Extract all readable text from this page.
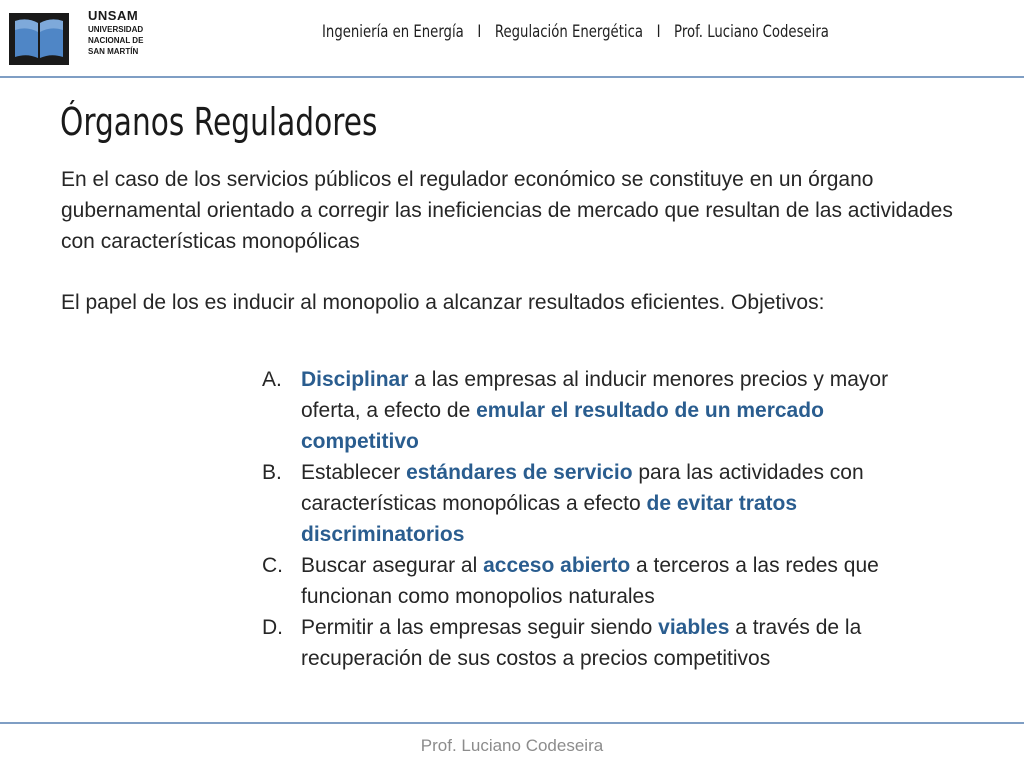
UNSAM
UNIVERSIDAD
NACIONAL DE
SAN MARTÍN
Ingeniería en Energía I Regulación Energética I Prof. Luciano Codeseira
Órganos Reguladores
En el caso de los servicios públicos el regulador económico se constituye en un órgano gubernamental orientado a corregir las ineficiencias de mercado que resultan de las actividades con características monopólicas
El papel de los es inducir al monopolio a alcanzar resultados eficientes. Objetivos:
A. Disciplinar a las empresas al inducir menores precios y mayor oferta, a efecto de emular el resultado de un mercado competitivo
B. Establecer estándares de servicio para las actividades con características monopólicas a efecto de evitar tratos discriminatorios
C. Buscar asegurar al acceso abierto a terceros a las redes que funcionan como monopolios naturales
D. Permitir a las empresas seguir siendo viables a través de la recuperación de sus costos a precios competitivos
Prof. Luciano Codeseira
